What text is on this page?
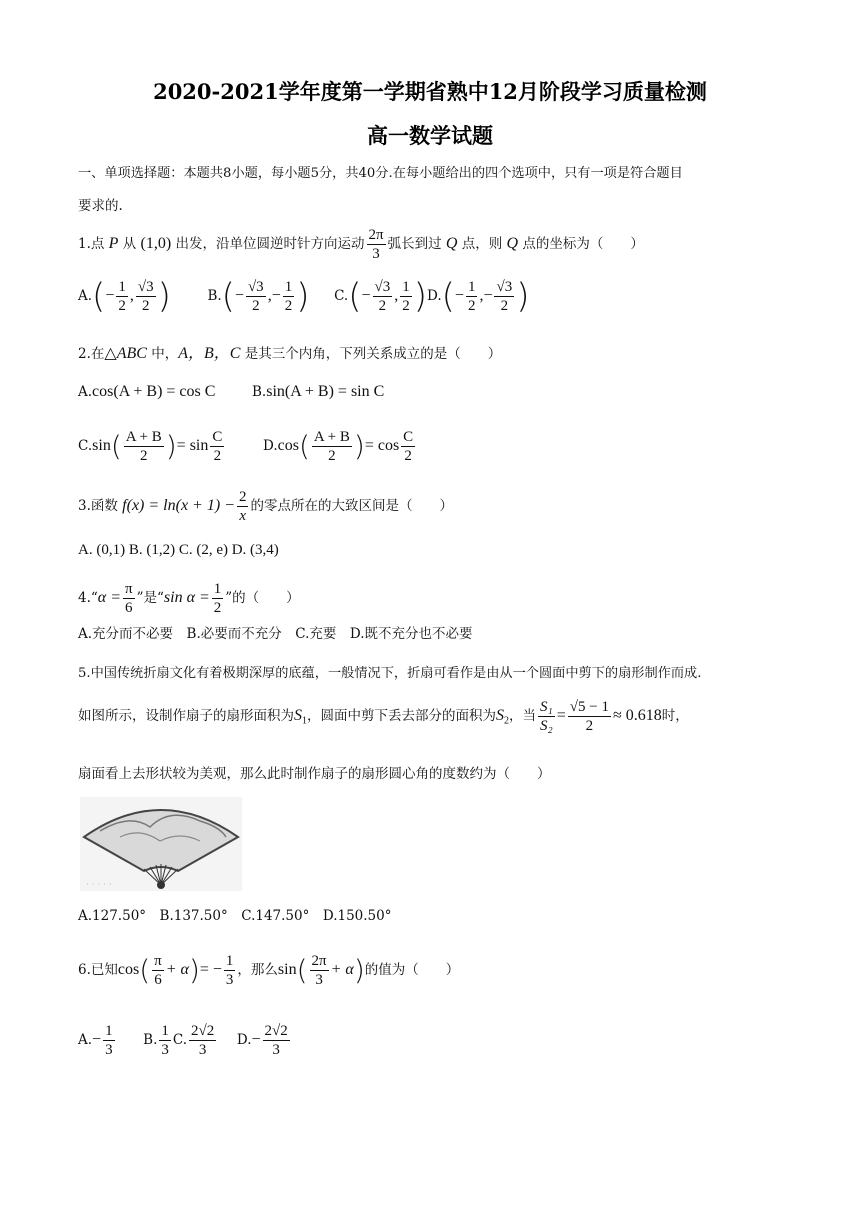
2020-2021学年度第一学期省熟中12月阶段学习质量检测
高一数学试题
一、单项选择题：本题共8小题，每小题5分，共40分.在每小题给出的四个选项中，只有一项是符合题目
要求的.
1.点 P 从 (1,0) 出发，沿单位圆逆时针方向运动 $\frac{2\pi}{3}$ 弧长到过 Q 点，则 Q 点的坐标为（　　）
$A.(- \frac{1}{2}$ , $\frac{√3}{2}$ )	$B.(- \frac{√3}{2}$ ,− $\frac{1}{2}$ ) $C.(- \frac{√3}{2}$ , $\frac{1}{2} )D.(- \frac{1}{2}$ ,− $\frac{√3}{2}$ )
2.在△ABC 中，A，B，C 是其三个内角，下列关系成立的是（　　）
A.cos(A + B) = cos C	B.sin(A + B) = sin C
$C.\sin( \frac{A + B}{2}$ )= $\sin \frac{C}{2}$	$D.\cos( \frac{A + B}{2}$ )= $\cos \frac{C}{2}$
3.函数 $f(x) = \ln(x + 1) - \frac{2}{x}$ 的零点所在的大致区间是（　　）
A. (0,1) B. (1,2) C. (2, e) D. (3,4)
4.“α = $\frac{\pi}{6}$ ”是“sin $\alpha = \frac{1}{2}$ ”的（　　）
A.充分而不必要　B.必要而不充分　C.充要　D.既不充分也不必要
5.中国传统折扇文化有着极期深厚的底蕴，一般情况下，折扇可看作是由从一个圆面中剪下的扇形制作而成.
如图所示，设制作扇子的扇形面积为$S_1$，圆面中剪下丢去部分的面积为$S_2$，当 $\frac{\text{S₁}}{\text{S₂}} = \frac{√5 - 1}{2} \approx 0.618$时，
扇面看上去形状较为美观，那么此时制作扇子的扇形圆心角的度数约为（　　）
· · · · ·
A.127.50°　B.137.50°　C.147.50°　D.150.50°
6.已知$\cos( \frac{\pi}{6} + \alpha)= - \frac{1}{3}$ ，那么$\sin( \frac{2\pi}{3} + \alpha)$的值为（　　）
$A.- \frac{1}{3} B$. $\frac{1}{3} C$. $\frac{2√2}{3} D.- \frac{2√2}{3}$
